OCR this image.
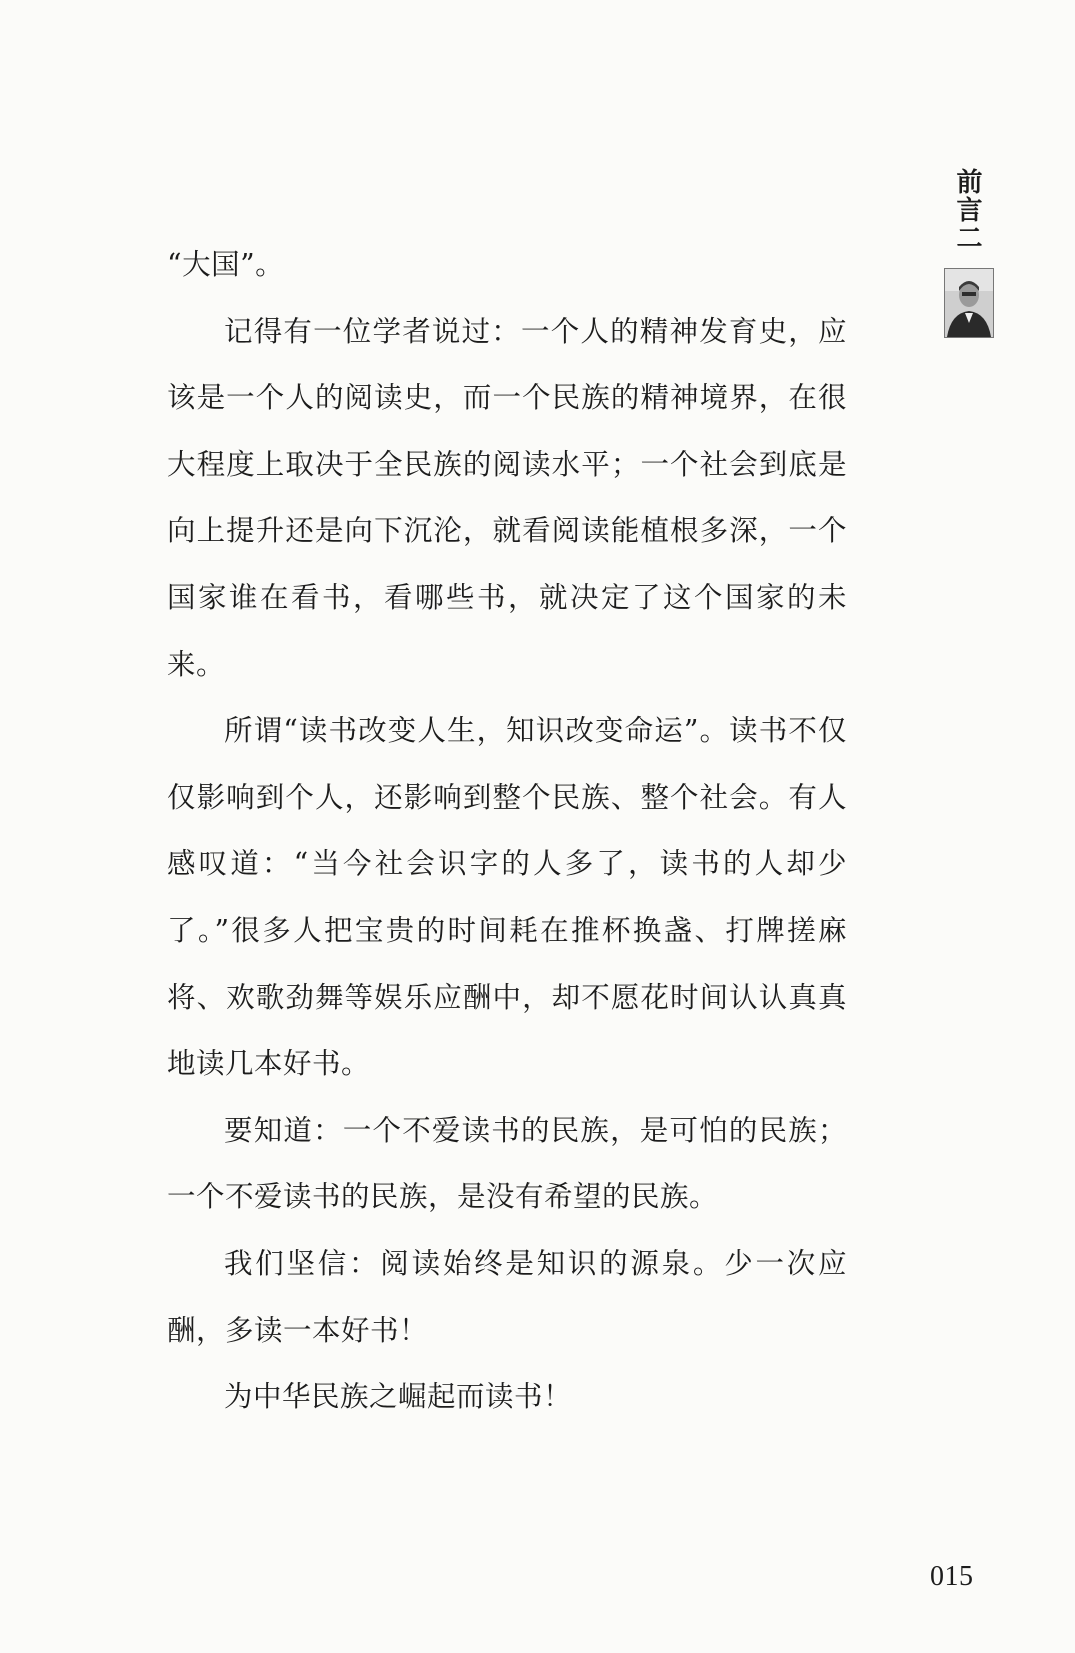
前言二

“大国”。

记得有一位学者说过：一个人的精神发育史，应该是一个人的阅读史，而一个民族的精神境界，在很大程度上取决于全民族的阅读水平；一个社会到底是向上提升还是向下沉沦，就看阅读能植根多深，一个国家谁在看书，看哪些书，就决定了这个国家的未来。

所谓“读书改变人生，知识改变命运”。读书不仅仅影响到个人，还影响到整个民族、整个社会。有人感叹道：“当今社会识字的人多了，读书的人却少了。”很多人把宝贵的时间耗在推杯换盏、打牌搓麻将、欢歌劲舞等娱乐应酬中，却不愿花时间认认真真地读几本好书。

要知道：一个不爱读书的民族，是可怕的民族；一个不爱读书的民族，是没有希望的民族。

我们坚信：阅读始终是知识的源泉。少一次应酬，多读一本好书！

为中华民族之崛起而读书！

015
